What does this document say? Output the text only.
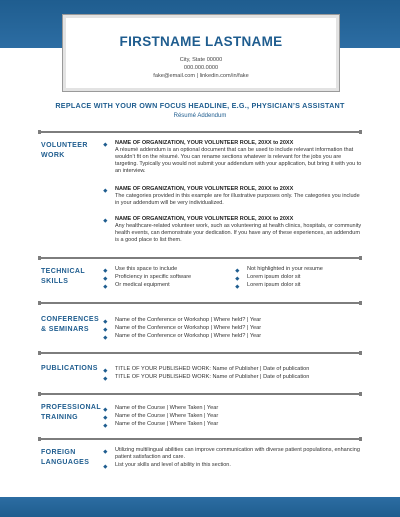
FIRSTNAME LASTNAME
City, State 00000
000.000.0000
fake@email.com | linkedin.com/in/fake
REPLACE WITH YOUR OWN FOCUS HEADLINE, E.G., PHYSICIAN’S ASSISTANT
Résumé Addendum
VOLUNTEER
WORK
NAME OF ORGANIZATION, YOUR VOLUNTEER ROLE, 20XX to 20XX
A résumé addendum is an optional document that can be used to include relevant information that wouldn’t fit on the résumé. You can rename sections whatever is relevant for the jobs you are targeting. Typically you would not submit your addendum with your application, but bring it with you to an interview.
NAME OF ORGANIZATION, YOUR VOLUNTEER ROLE, 20XX to 20XX
The categories provided in this example are for illustrative purposes only. The categories you include in your addendum will be very individualized.
NAME OF ORGANIZATION, YOUR VOLUNTEER ROLE, 20XX to 20XX
Any healthcare-related volunteer work, such as volunteering at health clinics, hospitals, or community health events, can demonstrate your dedication. If you have any of these experiences, an addendum is a good place to list them.
TECHNICAL
SKILLS
Use this space to include
Proficiency in specific software
Or medical equipment
Not highlighted in your resume
Lorem ipsum dolor sit
Lorem ipsum dolor sit
CONFERENCES
& SEMINARS
Name of the Conference or Workshop | Where held? | Year
Name of the Conference or Workshop | Where held? | Year
Name of the Conference or Workshop | Where held? | Year
PUBLICATIONS	TITLE OF YOUR PUBLISHED WORK: Name of Publisher | Date of publication
TITLE OF YOUR PUBLISHED WORK: Name of Publisher | Date of publication
PROFESSIONAL
TRAINING
Name of the Course | Where Taken | Year
Name of the Course | Where Taken | Year
Name of the Course | Where Taken | Year
FOREIGN
LANGUAGES
Utilizing multilingual abilities can improve communication with diverse patient populations, enhancing patient satisfaction and care.
List your skills and level of ability in this section.
